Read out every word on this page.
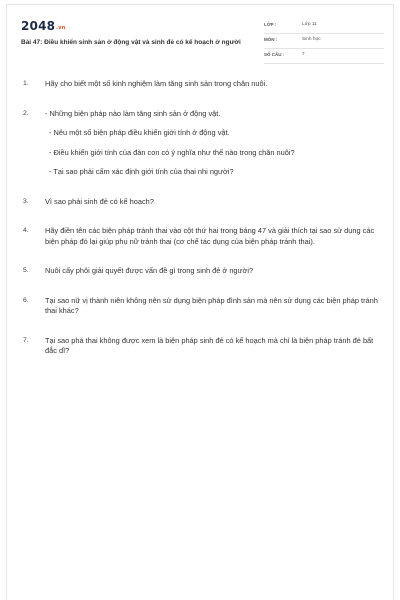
2048.vn
Bài 47: Điều khiển sinh sản ở động vật và sinh đẻ có kế hoạch ở người
LỚP :	Lớp 11
MÔN :	Sinh học
SỐ CÂU :	7
1. Hãy cho biết một số kinh nghiệm làm tăng sinh sản trong chăn nuôi.
2. - Những biện pháp nào làm tăng sinh sản ở động vật.
- Nêu một số biện pháp điều khiển giới tính ở động vật.
- Điều khiển giới tính của đàn con có ý nghĩa như thế nào trong chăn nuôi?
- Tại sao phải cấm xác định giới tính của thai nhi người?
3. Vì sao phải sinh đẻ có kế hoạch?
4. Hãy điền tên các biện pháp tránh thai vào cột thứ hai trong bảng 47 và giải thích tại sao sử dụng các biện pháp đó lại giúp phụ nữ tránh thai (cơ chế tác dụng của biện pháp tránh thai).
5. Nuôi cấy phôi giải quyết được vấn đề gì trong sinh đẻ ở người?
6. Tại sao nữ vị thành niên không nên sử dụng biện pháp đình sản mà nên sử dụng các biện pháp tránh thai khác?
7. Tại sao phá thai không được xem là biện pháp sinh đẻ có kế hoạch mà chỉ là biện pháp tránh đẻ bất đắc dĩ?
